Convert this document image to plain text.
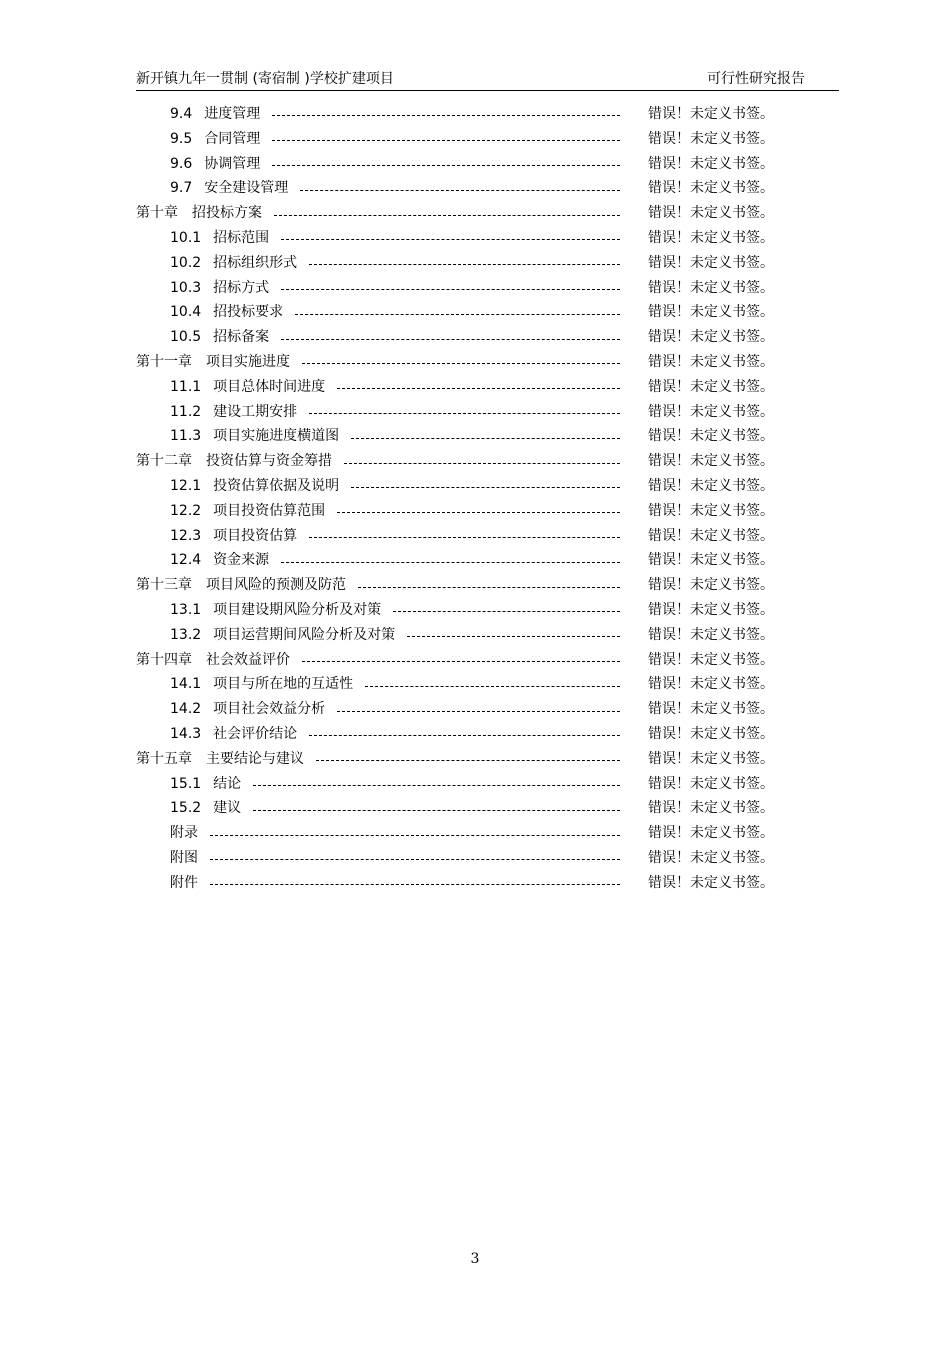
新开镇九年一贯制 (寄宿制 )学校扩建项目	可行性研究报告
9.4 进度管理	错误！未定义书签。
9.5 合同管理	错误！未定义书签。
9.6 协调管理	错误！未定义书签。
9.7 安全建设管理	错误！未定义书签。
第十章 招投标方案	错误！未定义书签。
10.1 招标范围	错误！未定义书签。
10.2 招标组织形式	错误！未定义书签。
10.3 招标方式	错误！未定义书签。
10.4 招投标要求	错误！未定义书签。
10.5 招标备案	错误！未定义书签。
第十一章 项目实施进度	错误！未定义书签。
11.1 项目总体时间进度	错误！未定义书签。
11.2 建设工期安排	错误！未定义书签。
11.3 项目实施进度横道图	错误！未定义书签。
第十二章 投资估算与资金筹措	错误！未定义书签。
12.1 投资估算依据及说明	错误！未定义书签。
12.2 项目投资估算范围	错误！未定义书签。
12.3 项目投资估算	错误！未定义书签。
12.4 资金来源	错误！未定义书签。
第十三章 项目风险的预测及防范	错误！未定义书签。
13.1 项目建设期风险分析及对策	错误！未定义书签。
13.2 项目运营期间风险分析及对策	错误！未定义书签。
第十四章 社会效益评价	错误！未定义书签。
14.1 项目与所在地的互适性	错误！未定义书签。
14.2 项目社会效益分析	错误！未定义书签。
14.3 社会评价结论	错误！未定义书签。
第十五章 主要结论与建议	错误！未定义书签。
15.1 结论	错误！未定义书签。
15.2 建议	错误！未定义书签。
附录	错误！未定义书签。
附图	错误！未定义书签。
附件	错误！未定义书签。
3
